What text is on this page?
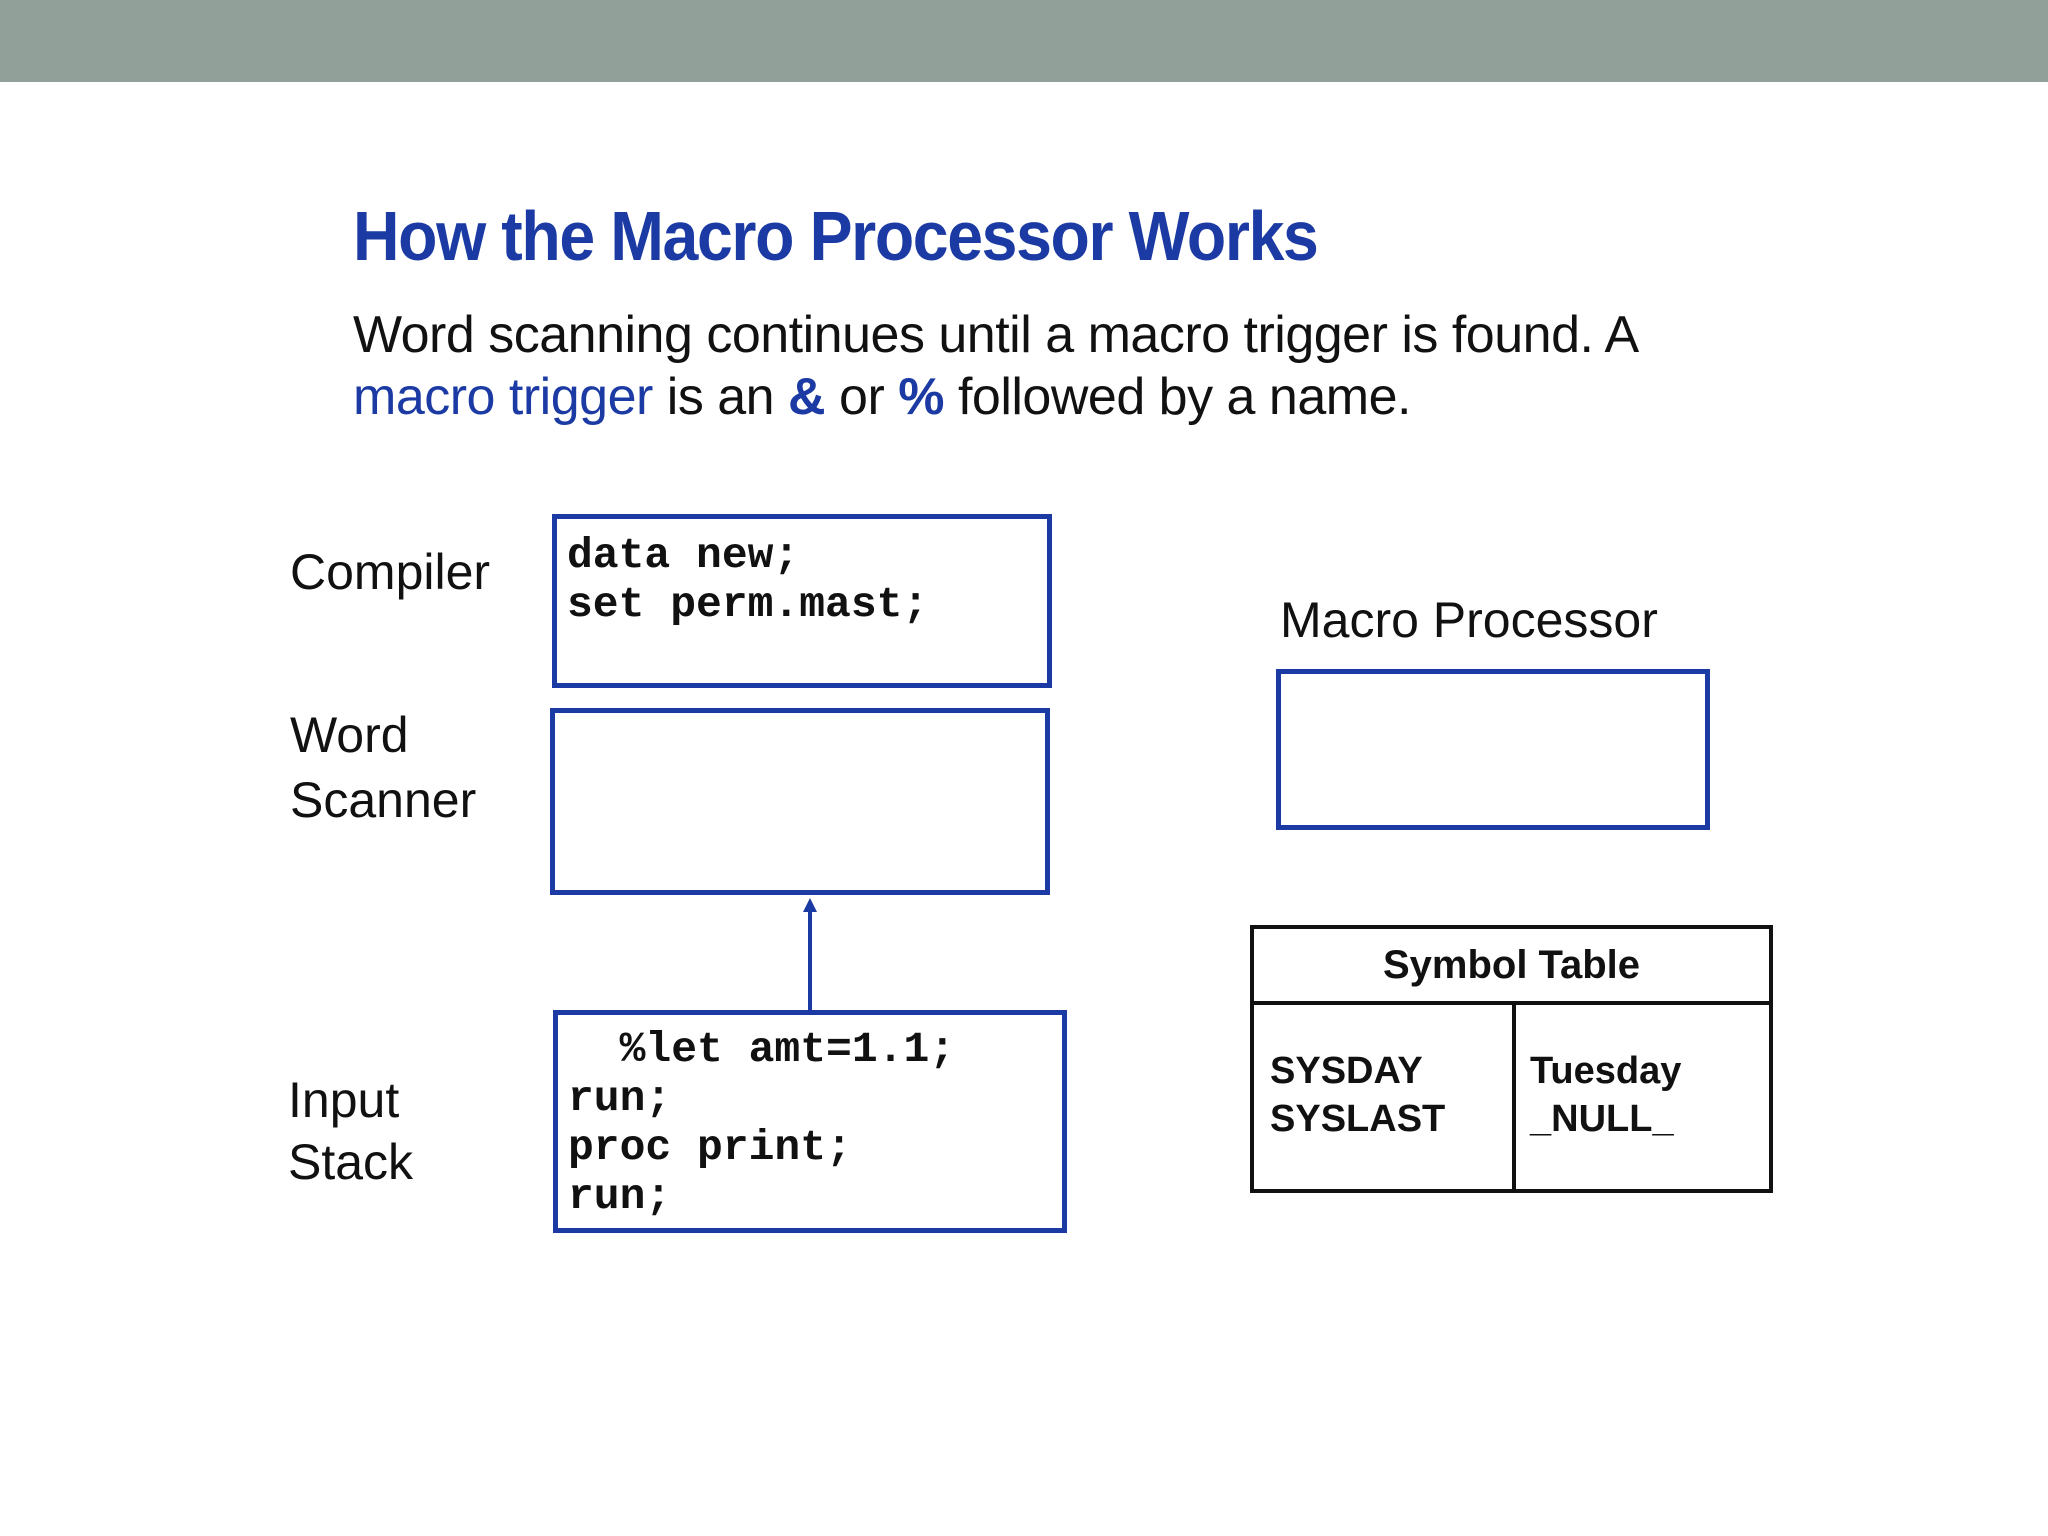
How the Macro Processor Works
Word scanning continues until a macro trigger is found. A
macro trigger is an & or % followed by a name.
Compiler
Word
Scanner
Input
Stack
data new;
set perm.mast;
%let amt=1.1;
run;
proc print;
run;
Macro Processor
Symbol Table
SYSDAY
SYSLAST
Tuesday
_NULL_
